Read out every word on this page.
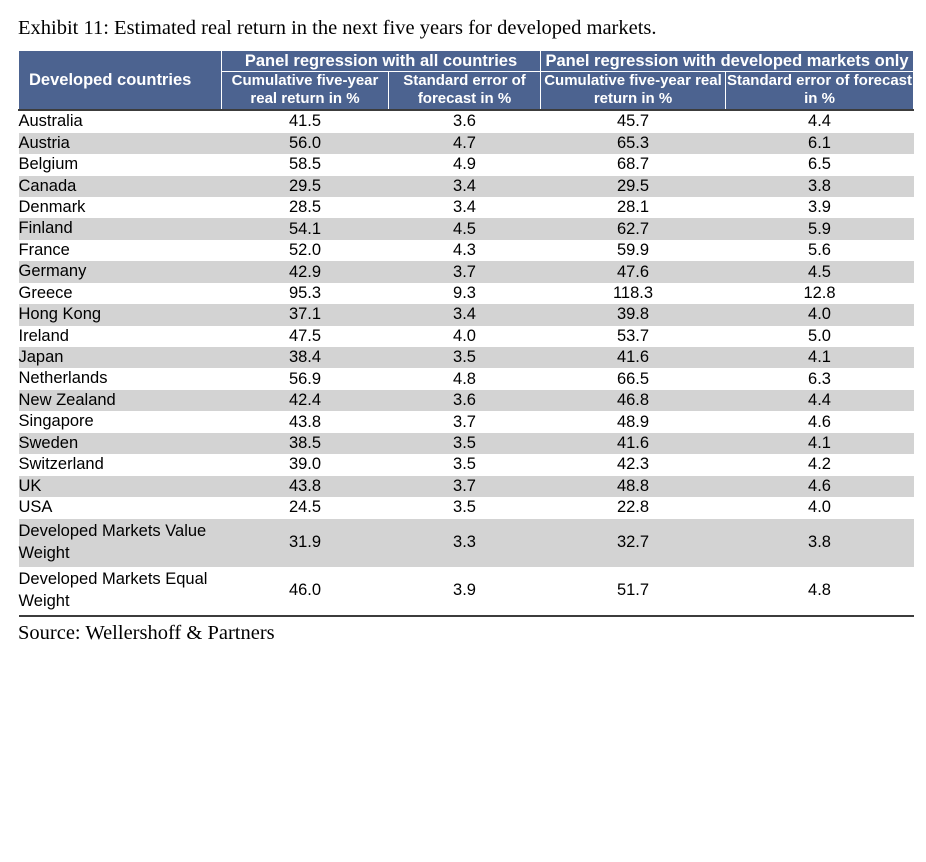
Exhibit 11: Estimated real return in the next five years for developed markets.
Developed countries	Panel regression with all countries		Panel regression with developed markets only	
	Cumulative five-year real return in %	Standard error of forecast in %	Cumulative five-year real return in %	Standard error of forecast in %
Australia	41.5	3.6	45.7	4.4
Austria	56.0	4.7	65.3	6.1
Belgium	58.5	4.9	68.7	6.5
Canada	29.5	3.4	29.5	3.8
Denmark	28.5	3.4	28.1	3.9
Finland	54.1	4.5	62.7	5.9
France	52.0	4.3	59.9	5.6
Germany	42.9	3.7	47.6	4.5
Greece	95.3	9.3	118.3	12.8
Hong Kong	37.1	3.4	39.8	4.0
Ireland	47.5	4.0	53.7	5.0
Japan	38.4	3.5	41.6	4.1
Netherlands	56.9	4.8	66.5	6.3
New Zealand	42.4	3.6	46.8	4.4
Singapore	43.8	3.7	48.9	4.6
Sweden	38.5	3.5	41.6	4.1
Switzerland	39.0	3.5	42.3	4.2
UK	43.8	3.7	48.8	4.6
USA	24.5	3.5	22.8	4.0
Developed Markets Value Weight	31.9	3.3	32.7	3.8
Developed Markets Equal Weight	46.0	3.9	51.7	4.8
Source: Wellershoff & Partners
